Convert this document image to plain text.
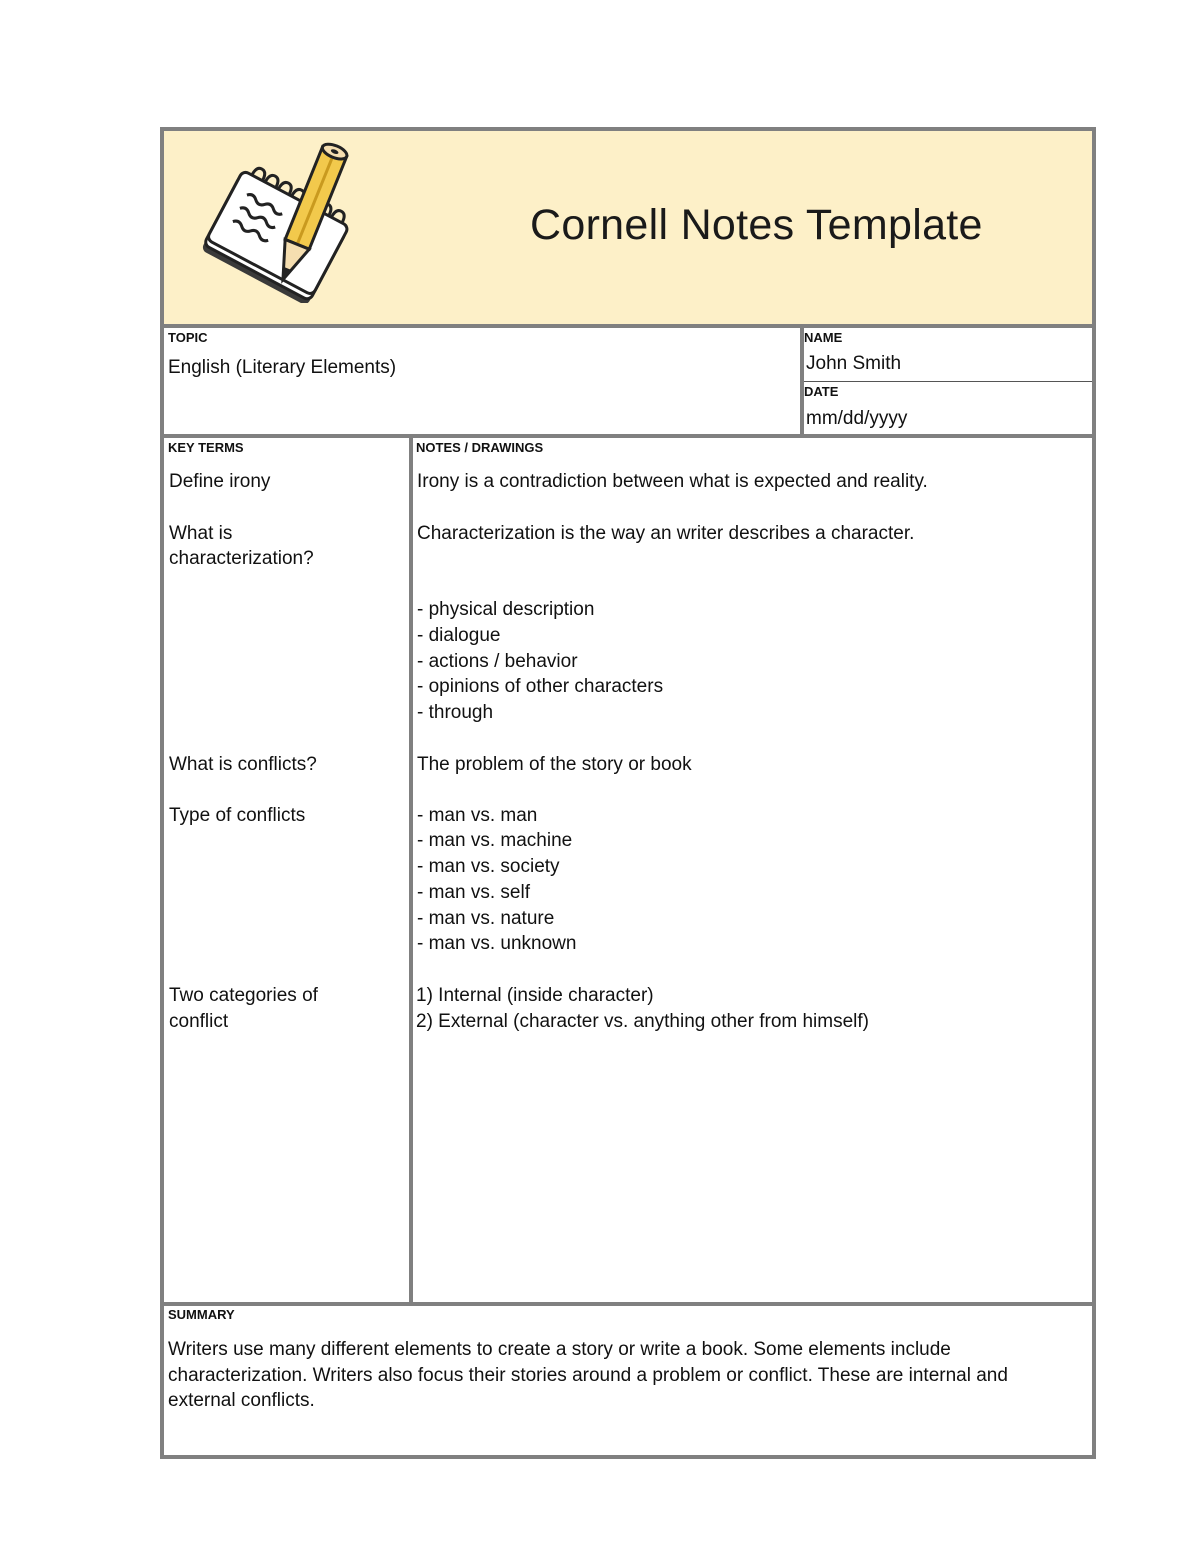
Cornell Notes Template
TOPIC
English (Literary Elements)
NAME
John Smith
DATE
mm/dd/yyyy
KEY TERMS	NOTES / DRAWINGS
Define irony
What is
characterization?
What is conflicts?
Type of conflicts
Two categories of
conflict
Irony is a contradiction between what is expected and reality.
Characterization is the way an writer describes a character.
- physical description
- dialogue
- actions / behavior
- opinions of other characters
- through
The problem of the story or book
- man vs. man
- man vs. machine
- man vs. society
- man vs. self
- man vs. nature
- man vs. unknown
1) Internal (inside character)
2) External (character vs. anything other from himself)
SUMMARY
Writers use many different elements to create a story or write a book. Some elements include characterization. Writers also focus their stories around a problem or conflict. These are internal and external conflicts.
